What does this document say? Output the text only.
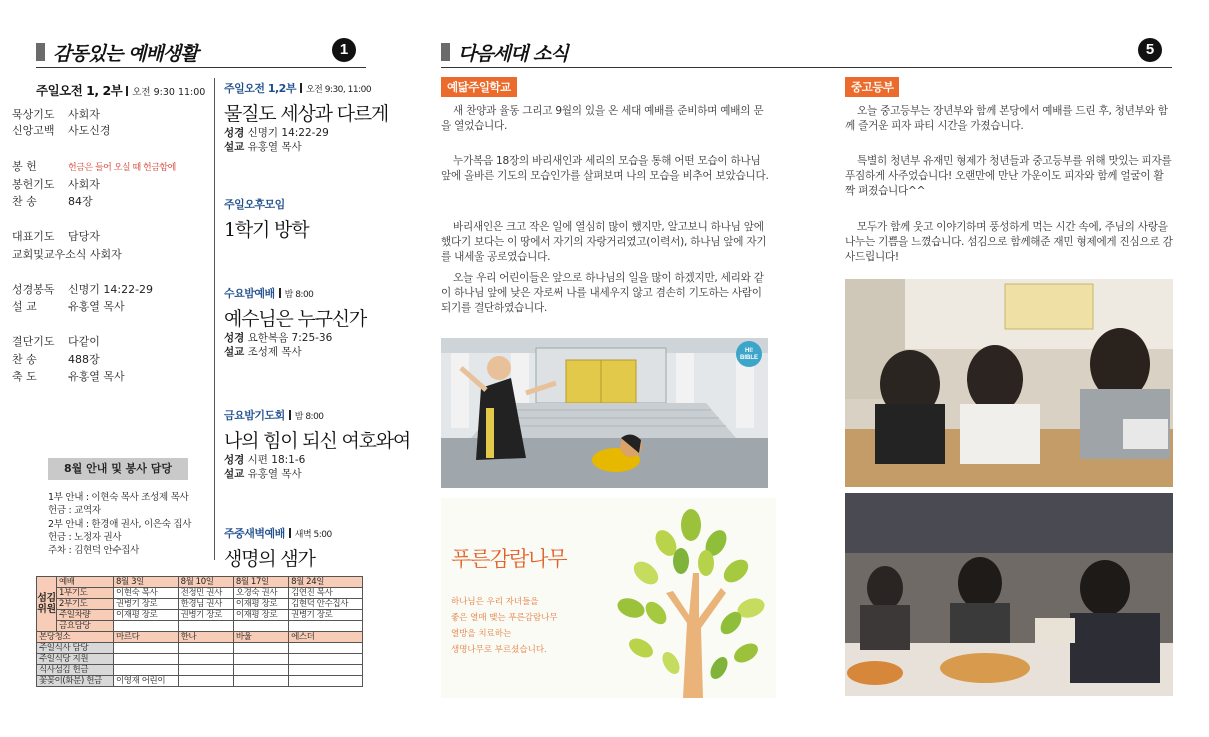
감동있는 예배생활	1
주일오전 1, 2부 오전 9:30 11:00
묵상기도 사회자
신앙고백 사도신경
봉 헌	헌금은 들어 오실 때 헌금함에
봉헌기도 사회자
찬 송	84장
대표기도 담당자
교회및교우소식 사회자
성경봉독 신명기 14:22-29
설 교	유홍열 목사
결단기도 다같이
찬 송	488장
축 도	유홍열 목사
8월 안내 및 봉사 담당
1부 안내 : 이현숙 목사 조성제 목사
헌금 : 교역자
2부 안내 : 한경애 권사, 이은숙 집사
헌금 : 노정자 권사
주차 : 김현덕 안수집사
주일오전 1,2부 오전 9:30, 11:00
물질도 세상과 다르게
성경 신명기 14:22-29
설교 유홍열 목사
주일오후모임
1학기 방학
수요밤예배 밤 8:00
예수님은 누구신가
성경 요한복음 7:25-36
설교 조성제 목사
금요밤기도회 밤 8:00
나의 힘이 되신 여호와여
성경 시편 18:1-6
설교 유홍열 목사
주중새벽예배 새벽 5:00
생명의 샘가
섬김위원	예배	8월 3일	8월 10일	8월 17일	8월 24일
	1부기도	이현숙 목사	전정민 권사	오경숙 권사	김연진 목사
	2부기도	권병기 장로	한경님 권사	이재평 장로	김현덕 안수집사
	주일차량	이재평 장로	권병기 장로	이재평 장로	권병기 장로
	금요담당				
본당청소		마르다	한나	바울	에스더
주일식사 담당					
주일식당 지원					
식사섬김 헌금					
꽃꽂이(화분) 헌금		이영재 어린이			
다음세대 소식	5
예닮주일학교
새 찬양과 율동 그리고 9월의 있을 온 세대 예배를 준비하며 예배의 문을 열었습니다.
누가복음 18장의 바리새인과 세리의 모습을 통해 어떤 모습이 하나님 앞에 올바른 기도의 모습인가를 살펴보며 나의 모습을 비추어 보았습니다.
바리새인은 크고 작은 일에 열심히 많이 했지만, 알고보니 하나님 앞에 했다기 보다는 이 땅에서 자기의 자랑거리였고(이력서), 하나님 앞에 자기를 내세울 공로였습니다.
오늘 우리 어린이들은 앞으로 하나님의 일을 많이 하겠지만, 세리와 같이 하나님 앞에 낮은 자로써 나를 내세우지 않고 겸손히 기도하는 사람이 되기를 결단하였습니다.
HI! BIBLE
푸른감람나무
하나님은 우리 자녀들을
좋은 열매 맺는 푸른감람나무
열방을 치료하는
생명나무로 부르셨습니다.
중고등부
오늘 중고등부는 장년부와 함께 본당에서 예배를 드린 후, 청년부와 함께 즐거운 피자 파티 시간을 가졌습니다.
특별히 청년부 유재민 형제가 청년들과 중고등부를 위해 맛있는 피자를 푸짐하게 사주었습니다! 오랜만에 만난 가운이도 피자와 함께 얼굴이 활짝 펴졌습니다^^
모두가 함께 웃고 이야기하며 풍성하게 먹는 시간 속에, 주님의 사랑을 나누는 기쁨을 느꼈습니다. 섬김으로 함께해준 재민 형제에게 진심으로 감사드립니다!
